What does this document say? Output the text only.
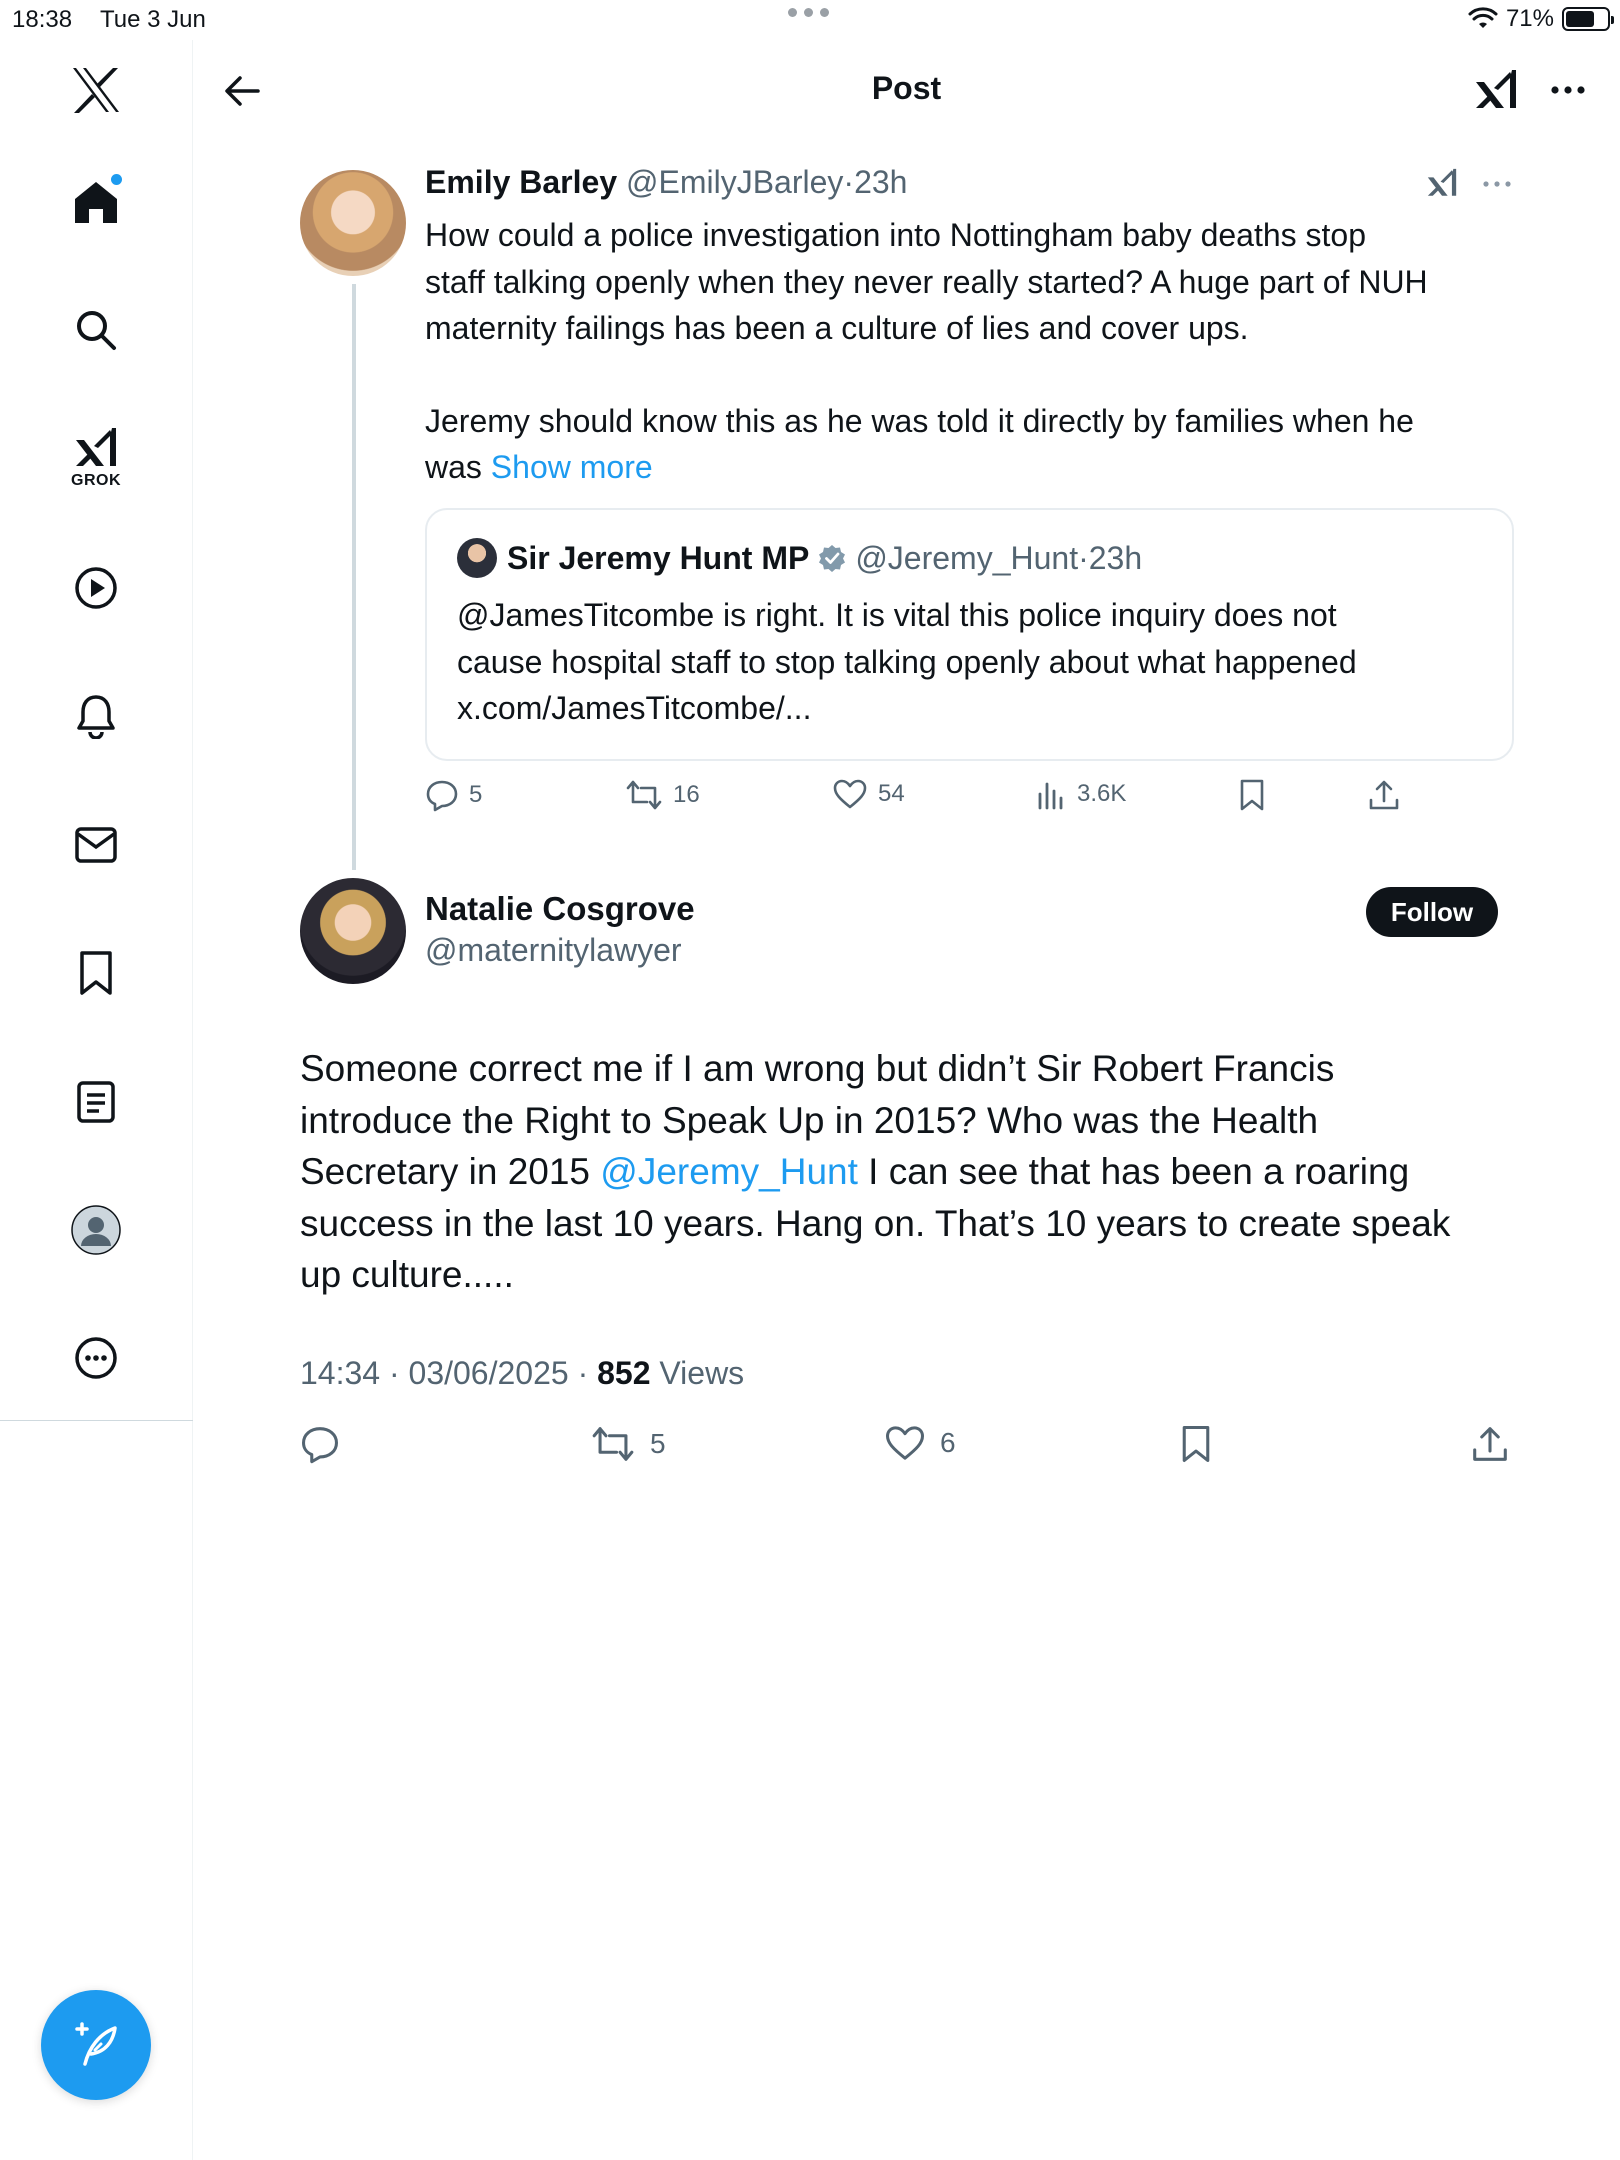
18:38 Tue 3 Jun	71%
GROK
Post
Emily Barley @EmilyJBarley·23h

How could a police investigation into Nottingham baby deaths stop

staff talking openly when they never really started? A huge part of NUH

maternity failings has been a culture of lies and cover ups.

Jeremy should know this as he was told it directly by families when he

was Show more

Sir Jeremy Hunt MP @Jeremy_Hunt · 23h

@JamesTitcombe is right. It is vital this police inquiry does not

cause hospital staff to stop talking openly about what happened

x.com/JamesTitcombe/...

5	16	54	3.6K
Natalie Cosgrove
@maternitylawyer
Follow

Someone correct me if I am wrong but didn’t Sir Robert Francis

introduce the Right to Speak Up in 2015? Who was the Health

Secretary in 2015 @Jeremy_Hunt I can see that has been a roaring

success in the last 10 years. Hang on. That’s 10 years to create speak

up culture.....

14:34 · 03/06/2025 · 852 Views
5	6
